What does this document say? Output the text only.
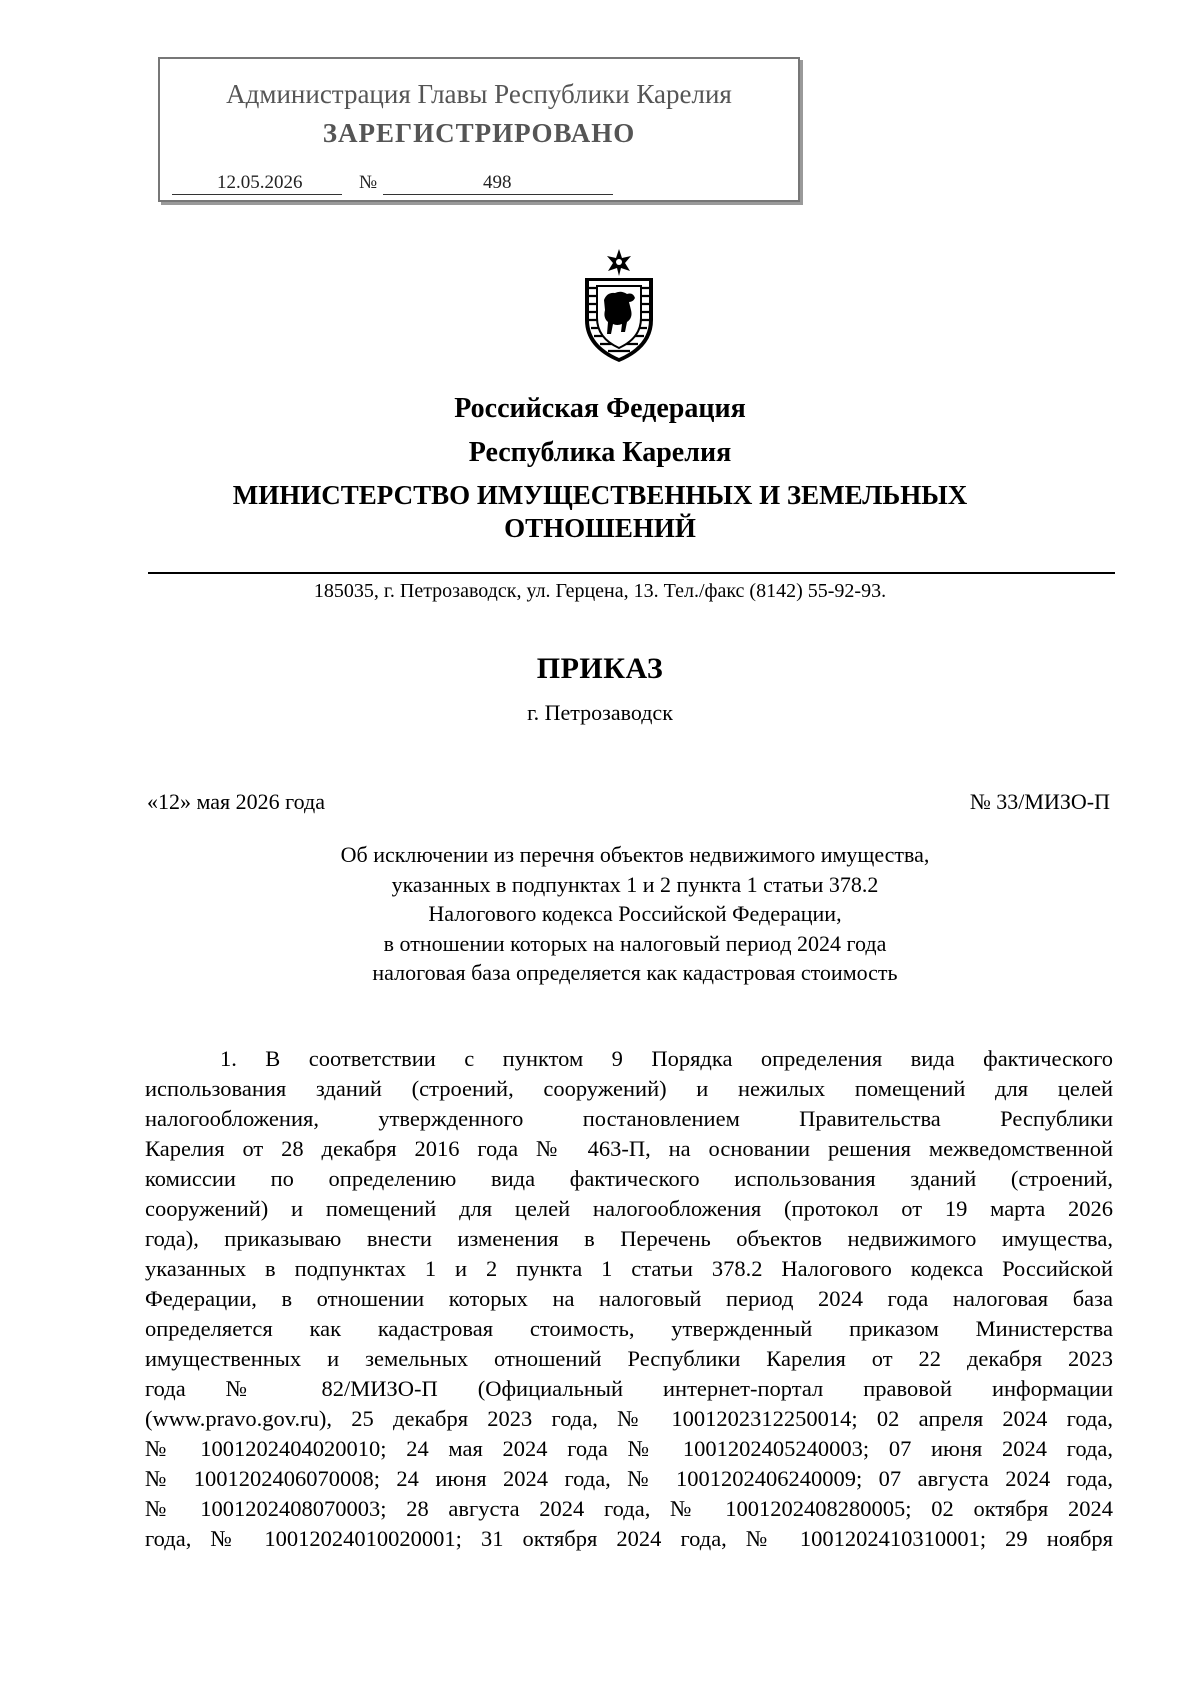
Администрация Главы Республики Карелия
ЗАРЕГИСТРИРОВАНО
12.05.2026	№	498
Российская Федерация
Республика Карелия
МИНИСТЕРСТВО ИМУЩЕСТВЕННЫХ И ЗЕМЕЛЬНЫХ
ОТНОШЕНИЙ
185035, г. Петрозаводск, ул. Герцена, 13. Тел./факс (8142) 55-92-93.
ПРИКАЗ
г. Петрозаводск
«12» мая 2026 года	№ 33/МИЗО-П
Об исключении из перечня объектов недвижимого имущества,
указанных в подпунктах 1 и 2 пункта 1 статьи 378.2
Налогового кодекса Российской Федерации,
в отношении которых на налоговый период 2024 года
налоговая база определяется как кадастровая стоимость
1. В соответствии с пунктом 9 Порядка определения вида фактического
использования зданий (строений, сооружений) и нежилых помещений для целей
налогообложения, утвержденного постановлением Правительства Республики
Карелия от 28 декабря 2016 года № 463-П, на основании решения межведомственной
комиссии по определению вида фактического использования зданий (строений,
сооружений) и помещений для целей налогообложения (протокол от 19 марта 2026
года), приказываю внести изменения в Перечень объектов недвижимого имущества,
указанных в подпунктах 1 и 2 пункта 1 статьи 378.2 Налогового кодекса Российской
Федерации, в отношении которых на налоговый период 2024 года налоговая база
определяется как кадастровая стоимость, утвержденный приказом Министерства
имущественных и земельных отношений Республики Карелия от 22 декабря 2023
года № 82/МИЗО-П (Официальный интернет-портал правовой информации
(www.pravo.gov.ru), 25 декабря 2023 года, № 1001202312250014; 02 апреля 2024 года,
№ 1001202404020010; 24 мая 2024 года № 1001202405240003; 07 июня 2024 года,
№ 1001202406070008; 24 июня 2024 года, № 1001202406240009; 07 августа 2024 года,
№ 1001202408070003; 28 августа 2024 года, № 1001202408280005; 02 октября 2024
года, № 10012024010020001; 31 октября 2024 года, № 1001202410310001; 29 ноября
